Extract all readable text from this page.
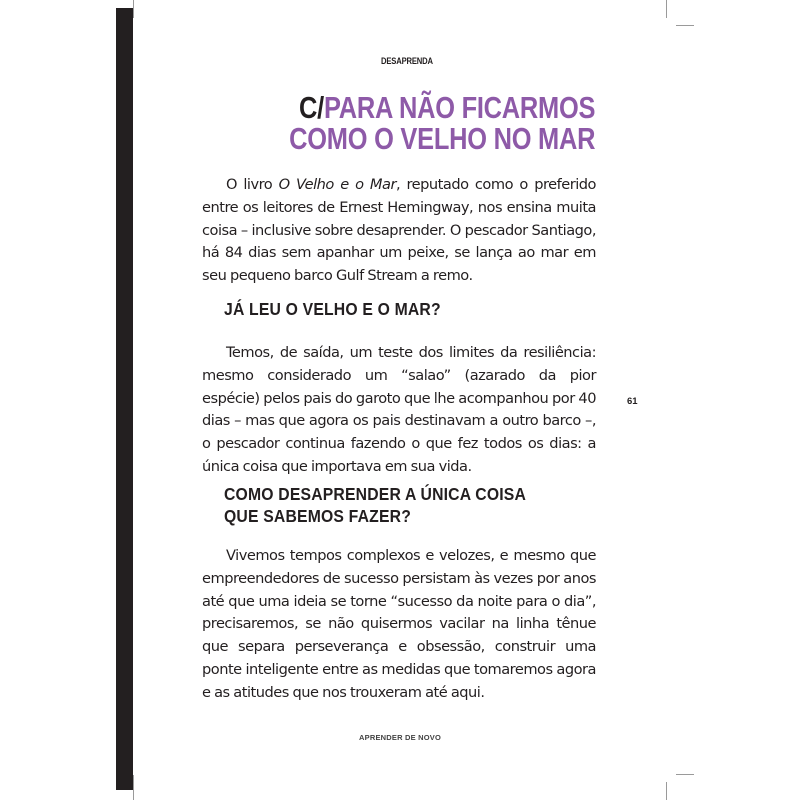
DESAPRENDA
C/PARA NÃO FICARMOS
COMO O VELHO NO MAR

O livro O Velho e o Mar, reputado como o preferido entre os leitores de Ernest Hemingway, nos ensina muita coisa – inclusive sobre desaprender. O pescador Santiago, há 84 dias sem apanhar um peixe, se lança ao mar em seu pequeno barco Gulf Stream a remo.

JÁ LEU O VELHO E O MAR?

Temos, de saída, um teste dos limites da resiliência: mesmo considerado um “salao” (azarado da pior espécie) pelos pais do garoto que lhe acompanhou por 40 dias – mas que agora os pais destinavam a outro barco –, o pescador continua fazendo o que fez todos os dias: a única coisa que importava em sua vida.

COMO DESAPRENDER A ÚNICA COISA
QUE SABEMOS FAZER?

Vivemos tempos complexos e velozes, e mesmo que empreendedores de sucesso persistam às vezes por anos até que uma ideia se torne “sucesso da noite para o dia”, precisaremos, se não quisermos vacilar na linha tênue que separa perseverança e obsessão, construir uma ponte inteligente entre as medidas que tomaremos agora e as atitudes que nos trouxeram até aqui.

61
APRENDER DE NOVO
